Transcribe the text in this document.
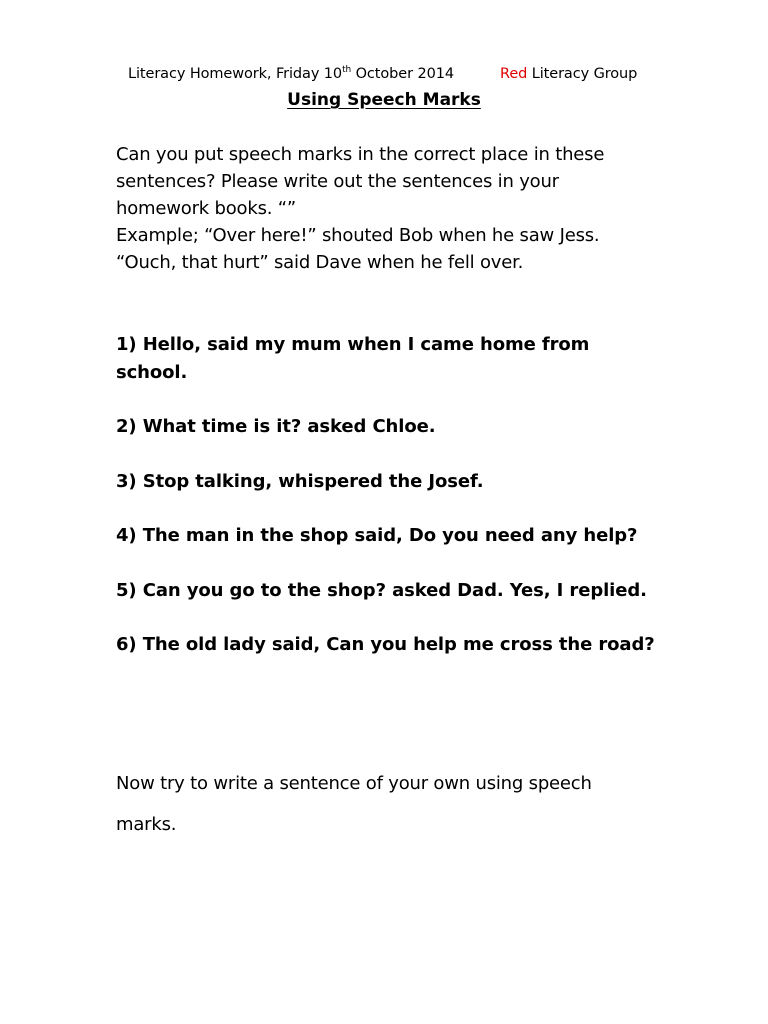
Literacy Homework, Friday 10th October 2014	Red Literacy Group
Using Speech Marks

Can you put speech marks in the correct place in these sentences? Please write out the sentences in your homework books. “”

Example; “Over here!” shouted Bob when he saw Jess.

“Ouch, that hurt” said Dave when he fell over.

1) Hello, said my mum when I came home from school.

2) What time is it? asked Chloe.

3) Stop talking, whispered the Josef.

4) The man in the shop said, Do you need any help?

5) Can you go to the shop? asked Dad. Yes, I replied.

6) The old lady said, Can you help me cross the road?

Now try to write a sentence of your own using speech marks.
